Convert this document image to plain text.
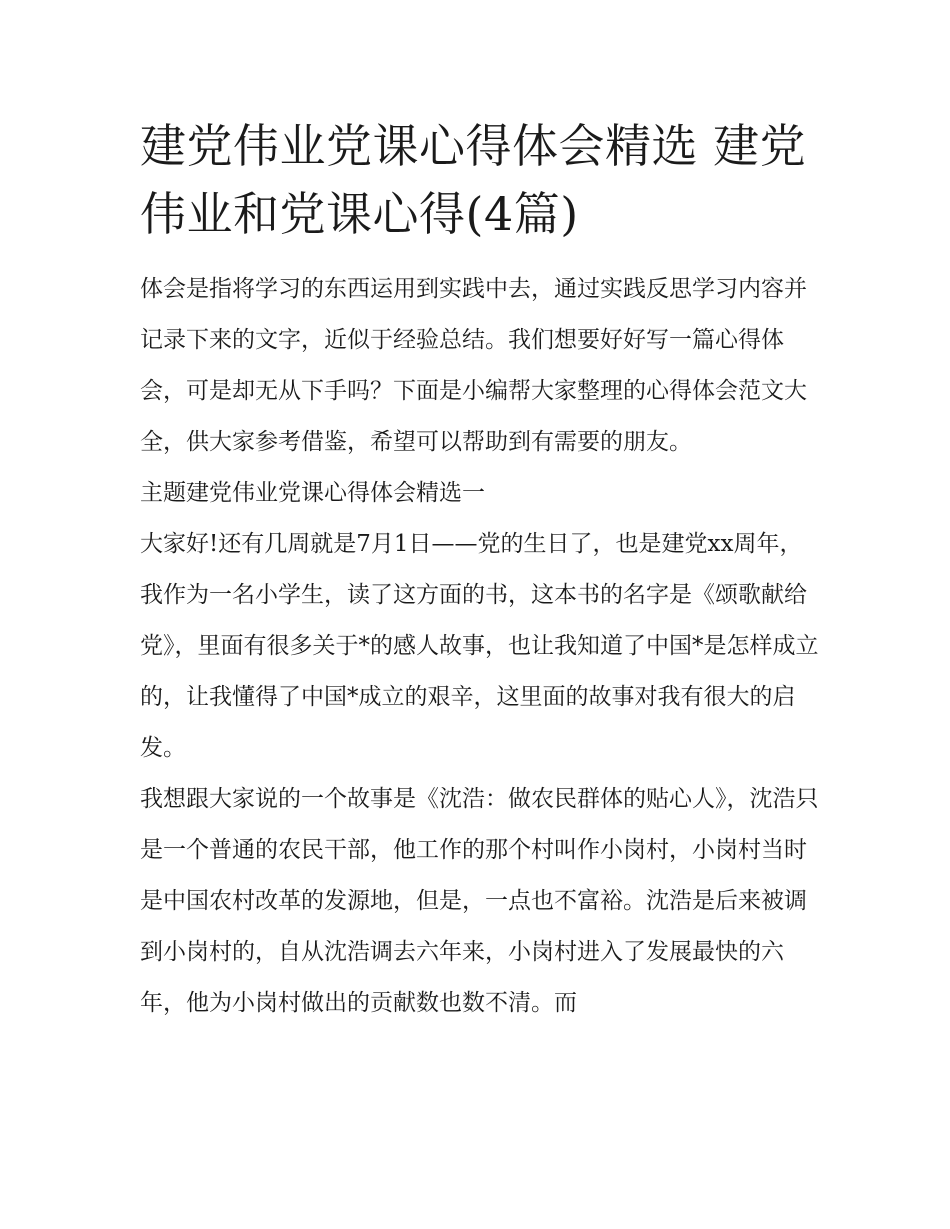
建党伟业党课心得体会精选 建党伟业和党课心得(4篇)

体会是指将学习的东西运用到实践中去，通过实践反思学习内容并记录下来的文字，近似于经验总结。我们想要好好写一篇心得体会，可是却无从下手吗？下面是小编帮大家整理的心得体会范文大全，供大家参考借鉴，希望可以帮助到有需要的朋友。

主题建党伟业党课心得体会精选一

大家好!还有几周就是7月1日——党的生日了，也是建党xx周年，我作为一名小学生，读了这方面的书，这本书的名字是《颂歌献给党》，里面有很多关于*的感人故事，也让我知道了中国*是怎样成立的，让我懂得了中国*成立的艰辛，这里面的故事对我有很大的启发。

我想跟大家说的一个故事是《沈浩：做农民群体的贴心人》，沈浩只是一个普通的农民干部，他工作的那个村叫作小岗村，小岗村当时是中国农村改革的发源地，但是，一点也不富裕。沈浩是后来被调到小岗村的，自从沈浩调去六年来，小岗村进入了发展最快的六年，他为小岗村做出的贡献数也数不清。而
